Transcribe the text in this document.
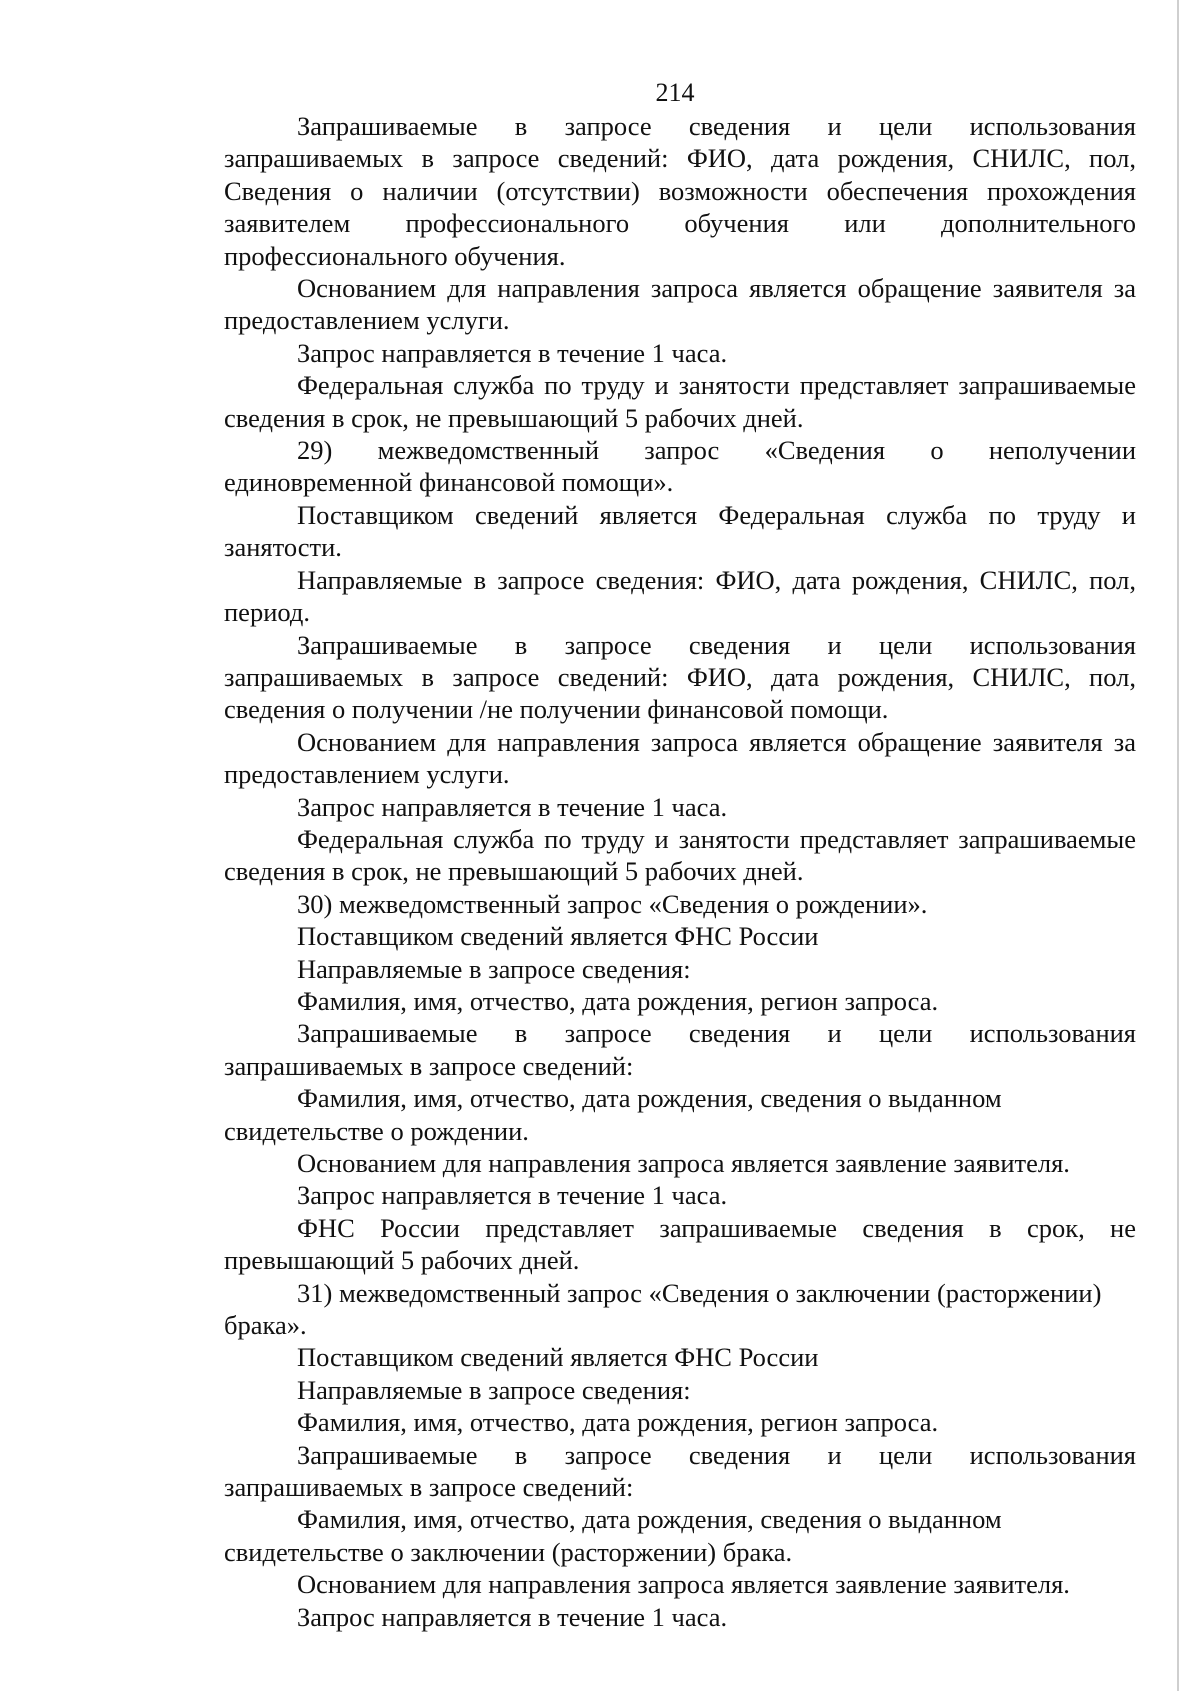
214

Запрашиваемые в запросе сведения и цели использования запрашиваемых в запросе сведений: ФИО, дата рождения, СНИЛС, пол, Сведения о наличии (отсутствии) возможности обеспечения прохождения заявителем профессионального обучения или дополнительного профессионального обучения.

Основанием для направления запроса является обращение заявителя за предоставлением услуги.

Запрос направляется в течение 1 часа.

Федеральная служба по труду и занятости представляет запрашиваемые сведения в срок, не превышающий 5 рабочих дней.

29) межведомственный запрос «Сведения о неполучении единовременной финансовой помощи».

Поставщиком сведений является Федеральная служба по труду и занятости.

Направляемые в запросе сведения: ФИО, дата рождения, СНИЛС, пол, период.

Запрашиваемые в запросе сведения и цели использования запрашиваемых в запросе сведений: ФИО, дата рождения, СНИЛС, пол, сведения о получении /не получении финансовой помощи.

Основанием для направления запроса является обращение заявителя за предоставлением услуги.

Запрос направляется в течение 1 часа.

Федеральная служба по труду и занятости представляет запрашиваемые сведения в срок, не превышающий 5 рабочих дней.

30) межведомственный запрос «Сведения о рождении».

Поставщиком сведений является ФНС России

Направляемые в запросе сведения:

Фамилия, имя, отчество, дата рождения, регион запроса.

Запрашиваемые в запросе сведения и цели использования запрашиваемых в запросе сведений:

Фамилия, имя, отчество, дата рождения, сведения о выданном свидетельстве о рождении.

Основанием для направления запроса является заявление заявителя.

Запрос направляется в течение 1 часа.

ФНС России представляет запрашиваемые сведения в срок, не превышающий 5 рабочих дней.

31) межведомственный запрос «Сведения о заключении (расторжении) брака».

Поставщиком сведений является ФНС России

Направляемые в запросе сведения:

Фамилия, имя, отчество, дата рождения, регион запроса.

Запрашиваемые в запросе сведения и цели использования запрашиваемых в запросе сведений:

Фамилия, имя, отчество, дата рождения, сведения о выданном свидетельстве о заключении (расторжении) брака.

Основанием для направления запроса является заявление заявителя.

Запрос направляется в течение 1 часа.
